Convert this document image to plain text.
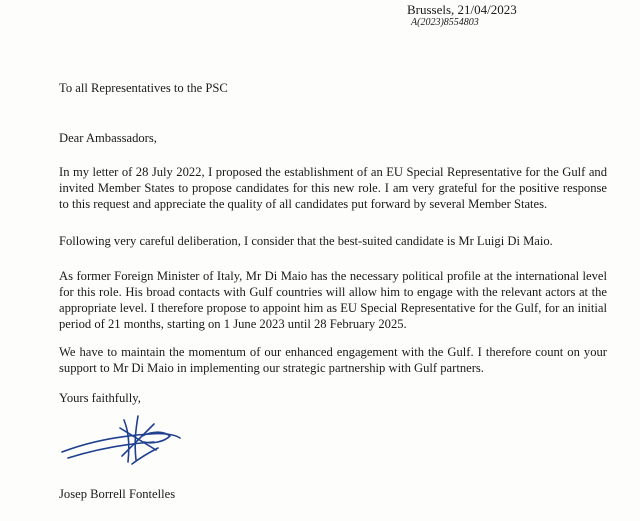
Brussels, 21/04/2023
A(2023)8554803
To all Representatives to the PSC
Dear Ambassadors,

In my letter of 28 July 2022, I proposed the establishment of an EU Special Representative for the Gulf and invited Member States to propose candidates for this new role. I am very grateful for the positive response to this request and appreciate the quality of all candidates put forward by several Member States.

Following very careful deliberation, I consider that the best-suited candidate is Mr Luigi Di Maio.

As former Foreign Minister of Italy, Mr Di Maio has the necessary political profile at the international level for this role. His broad contacts with Gulf countries will allow him to engage with the relevant actors at the appropriate level. I therefore propose to appoint him as EU Special Representative for the Gulf, for an initial period of 21 months, starting on 1 June 2023 until 28 February 2025.

We have to maintain the momentum of our enhanced engagement with the Gulf. I therefore count on your support to Mr Di Maio in implementing our strategic partnership with Gulf partners.

Yours faithfully,
Josep Borrell Fontelles
